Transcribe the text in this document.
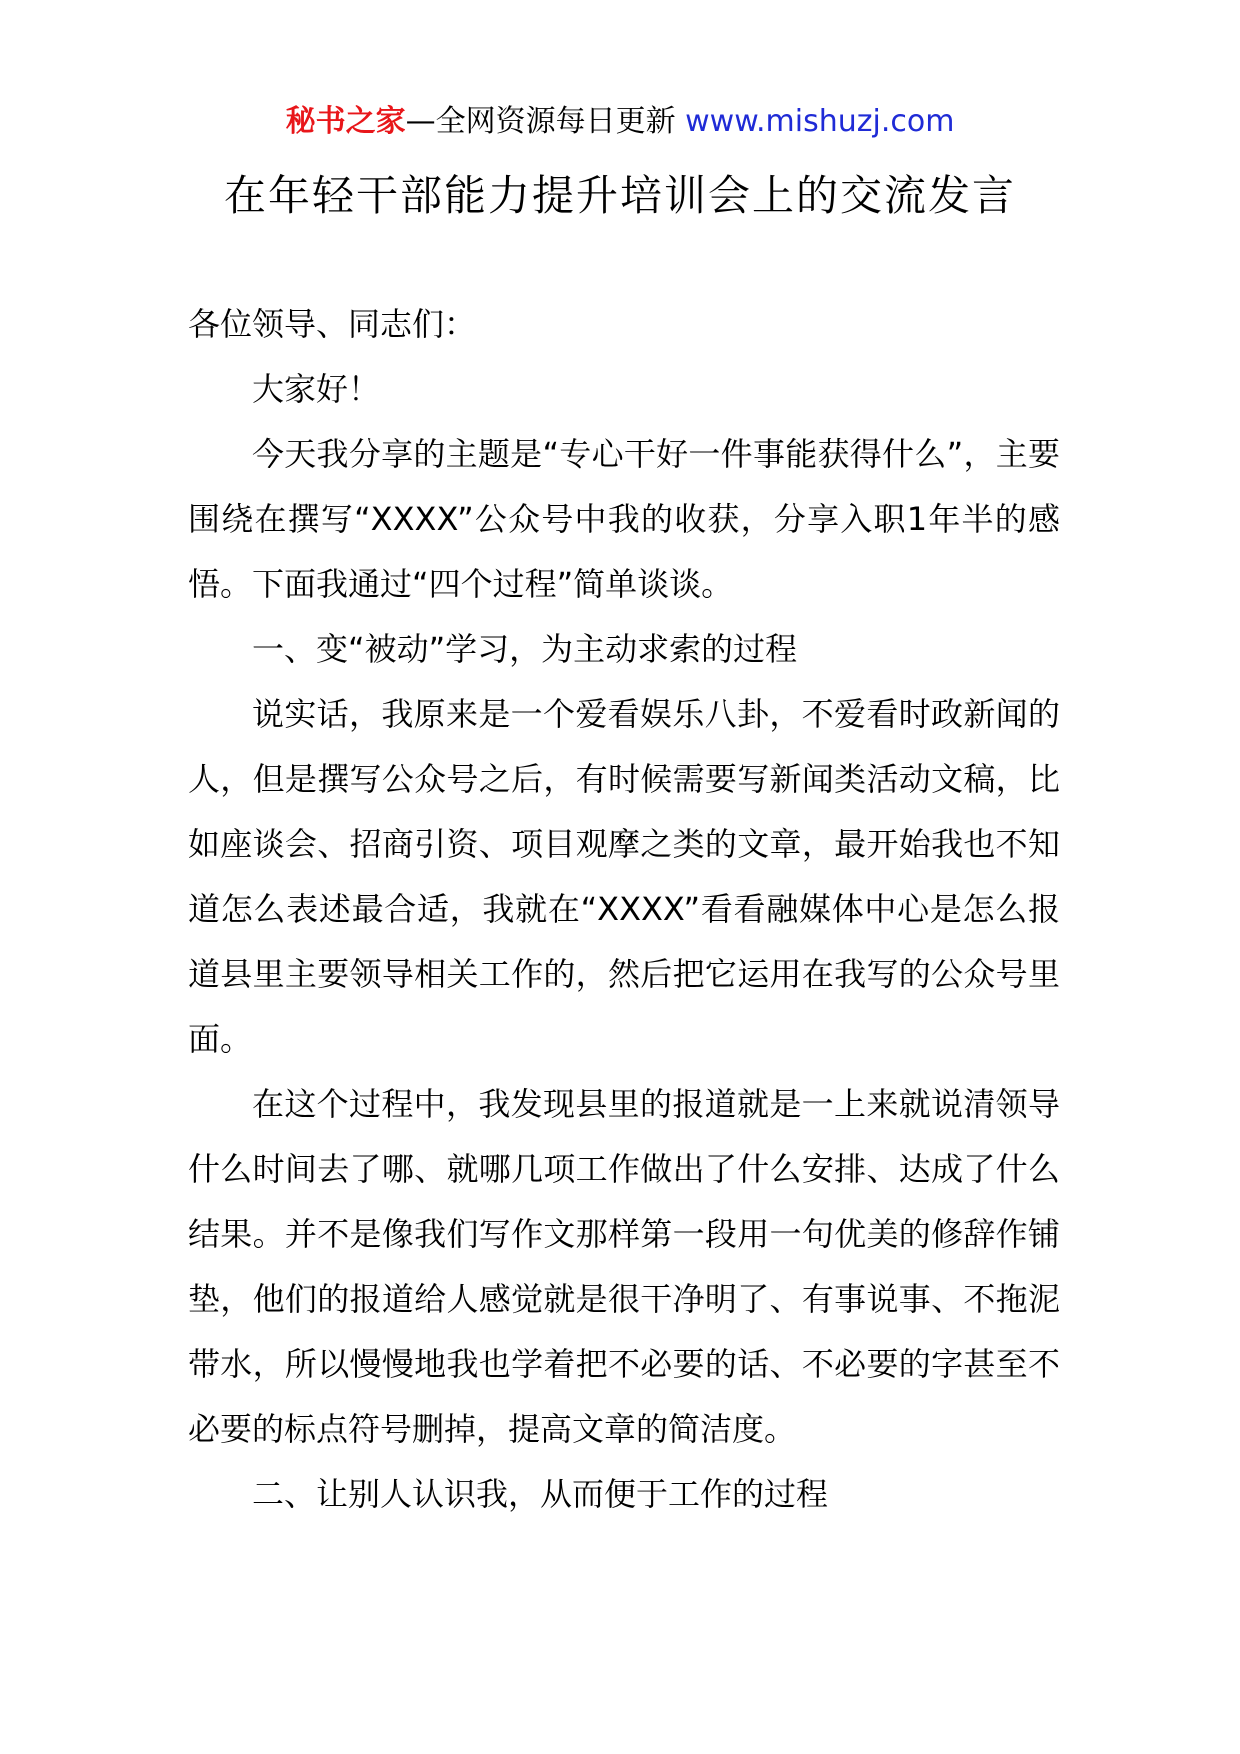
秘书之家—全网资源每日更新 www.mishuzj.com
在年轻干部能力提升培训会上的交流发言

各位领导、同志们：

大家好！

今天我分享的主题是“专心干好一件事能获得什么”，主要围绕在撰写“XXXX”公众号中我的收获，分享入职1年半的感悟。下面我通过“四个过程”简单谈谈。

一、变“被动”学习，为主动求索的过程

说实话，我原来是一个爱看娱乐八卦，不爱看时政新闻的人，但是撰写公众号之后，有时候需要写新闻类活动文稿，比如座谈会、招商引资、项目观摩之类的文章，最开始我也不知道怎么表述最合适，我就在“XXXX”看看融媒体中心是怎么报道县里主要领导相关工作的，然后把它运用在我写的公众号里面。

在这个过程中，我发现县里的报道就是一上来就说清领导什么时间去了哪、就哪几项工作做出了什么安排、达成了什么结果。并不是像我们写作文那样第一段用一句优美的修辞作铺垫，他们的报道给人感觉就是很干净明了、有事说事、不拖泥带水，所以慢慢地我也学着把不必要的话、不必要的字甚至不必要的标点符号删掉，提高文章的简洁度。

二、让别人认识我，从而便于工作的过程
